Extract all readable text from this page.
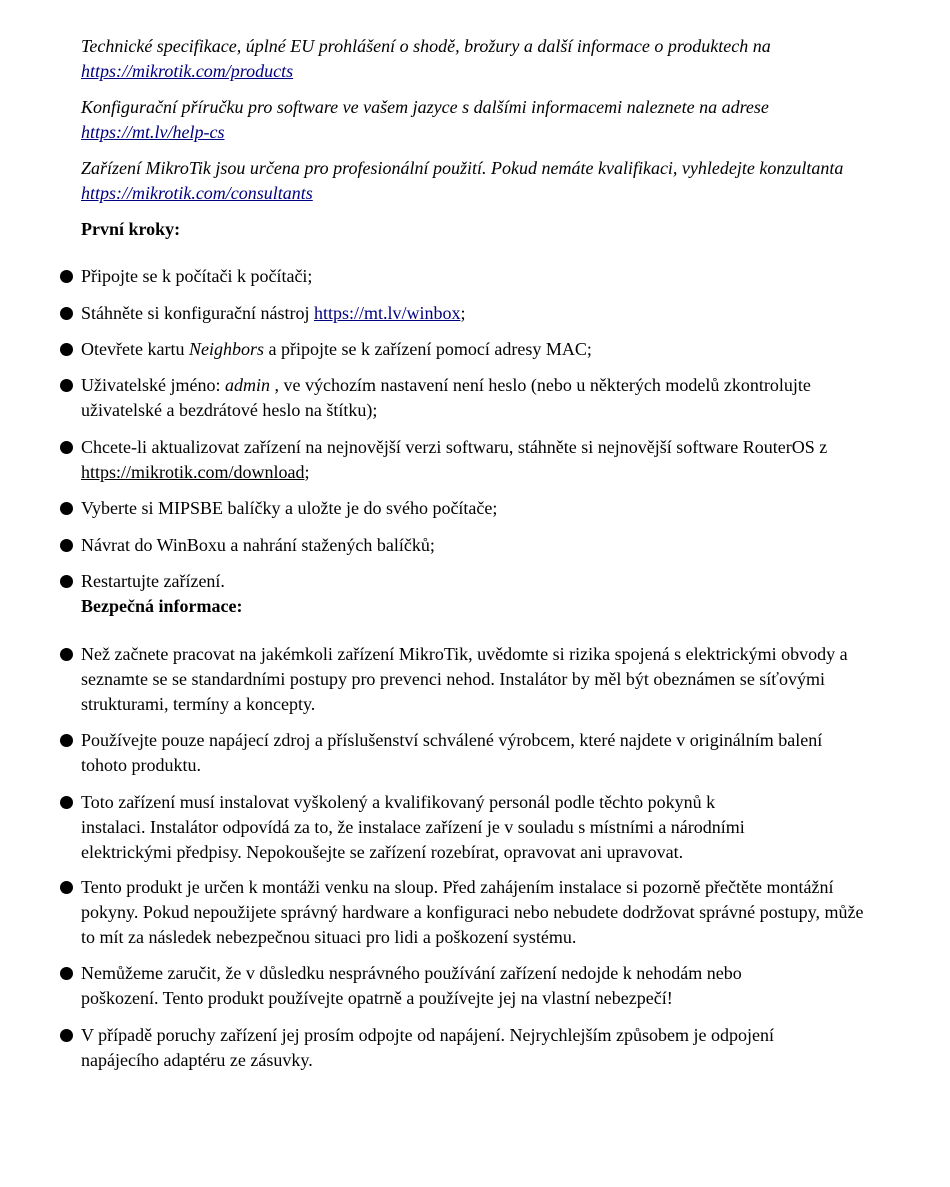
Technické specifikace, úplné EU prohlášení o shodě, brožury a další informace o produktech na https://mikrotik.com/products

Konfigurační příručku pro software ve vašem jazyce s dalšími informacemi naleznete na adrese https://mt.lv/help-cs

Zařízení MikroTik jsou určena pro profesionální použití. Pokud nemáte kvalifikaci, vyhledejte konzultanta https://mikrotik.com/consultants

První kroky:

Připojte se k počítači k počítači;
Stáhněte si konfigurační nástroj https://mt.lv/winbox;
Otevřete kartu Neighbors a připojte se k zařízení pomocí adresy MAC;
Uživatelské jméno: admin , ve výchozím nastavení není heslo (nebo u některých modelů zkontrolujte uživatelské a bezdrátové heslo na štítku);
Chcete-li aktualizovat zařízení na nejnovější verzi softwaru, stáhněte si nejnovější software RouterOS z https://mikrotik.com/download;
Vyberte si MIPSBE balíčky a uložte je do svého počítače;
Návrat do WinBoxu a nahrání stažených balíčků;
Restartujte zařízení.

Bezpečná informace:

Než začnete pracovat na jakémkoli zařízení MikroTik, uvědomte si rizika spojená s elektrickými obvody a seznamte se se standardními postupy pro prevenci nehod. Instalátor by měl být obeznámen se síťovými strukturami, termíny a koncepty.
Používejte pouze napájecí zdroj a příslušenství schválené výrobcem, které najdete v originálním balení tohoto produktu.
Toto zařízení musí instalovat vyškolený a kvalifikovaný personál podle těchto pokynů k instalaci. Instalátor odpovídá za to, že instalace zařízení je v souladu s místními a národními elektrickými předpisy. Nepokoušejte se zařízení rozebírat, opravovat ani upravovat.
Tento produkt je určen k montáži venku na sloup. Před zahájením instalace si pozorně přečtěte montážní pokyny. Pokud nepoužijete správný hardware a konfiguraci nebo nebudete dodržovat správné postupy, může to mít za následek nebezpečnou situaci pro lidi a poškození systému.
Nemůžeme zaručit, že v důsledku nesprávného používání zařízení nedojde k nehodám nebo poškození. Tento produkt používejte opatrně a používejte jej na vlastní nebezpečí!
V případě poruchy zařízení jej prosím odpojte od napájení. Nejrychlejším způsobem je odpojení napájecího adaptéru ze zásuvky.
